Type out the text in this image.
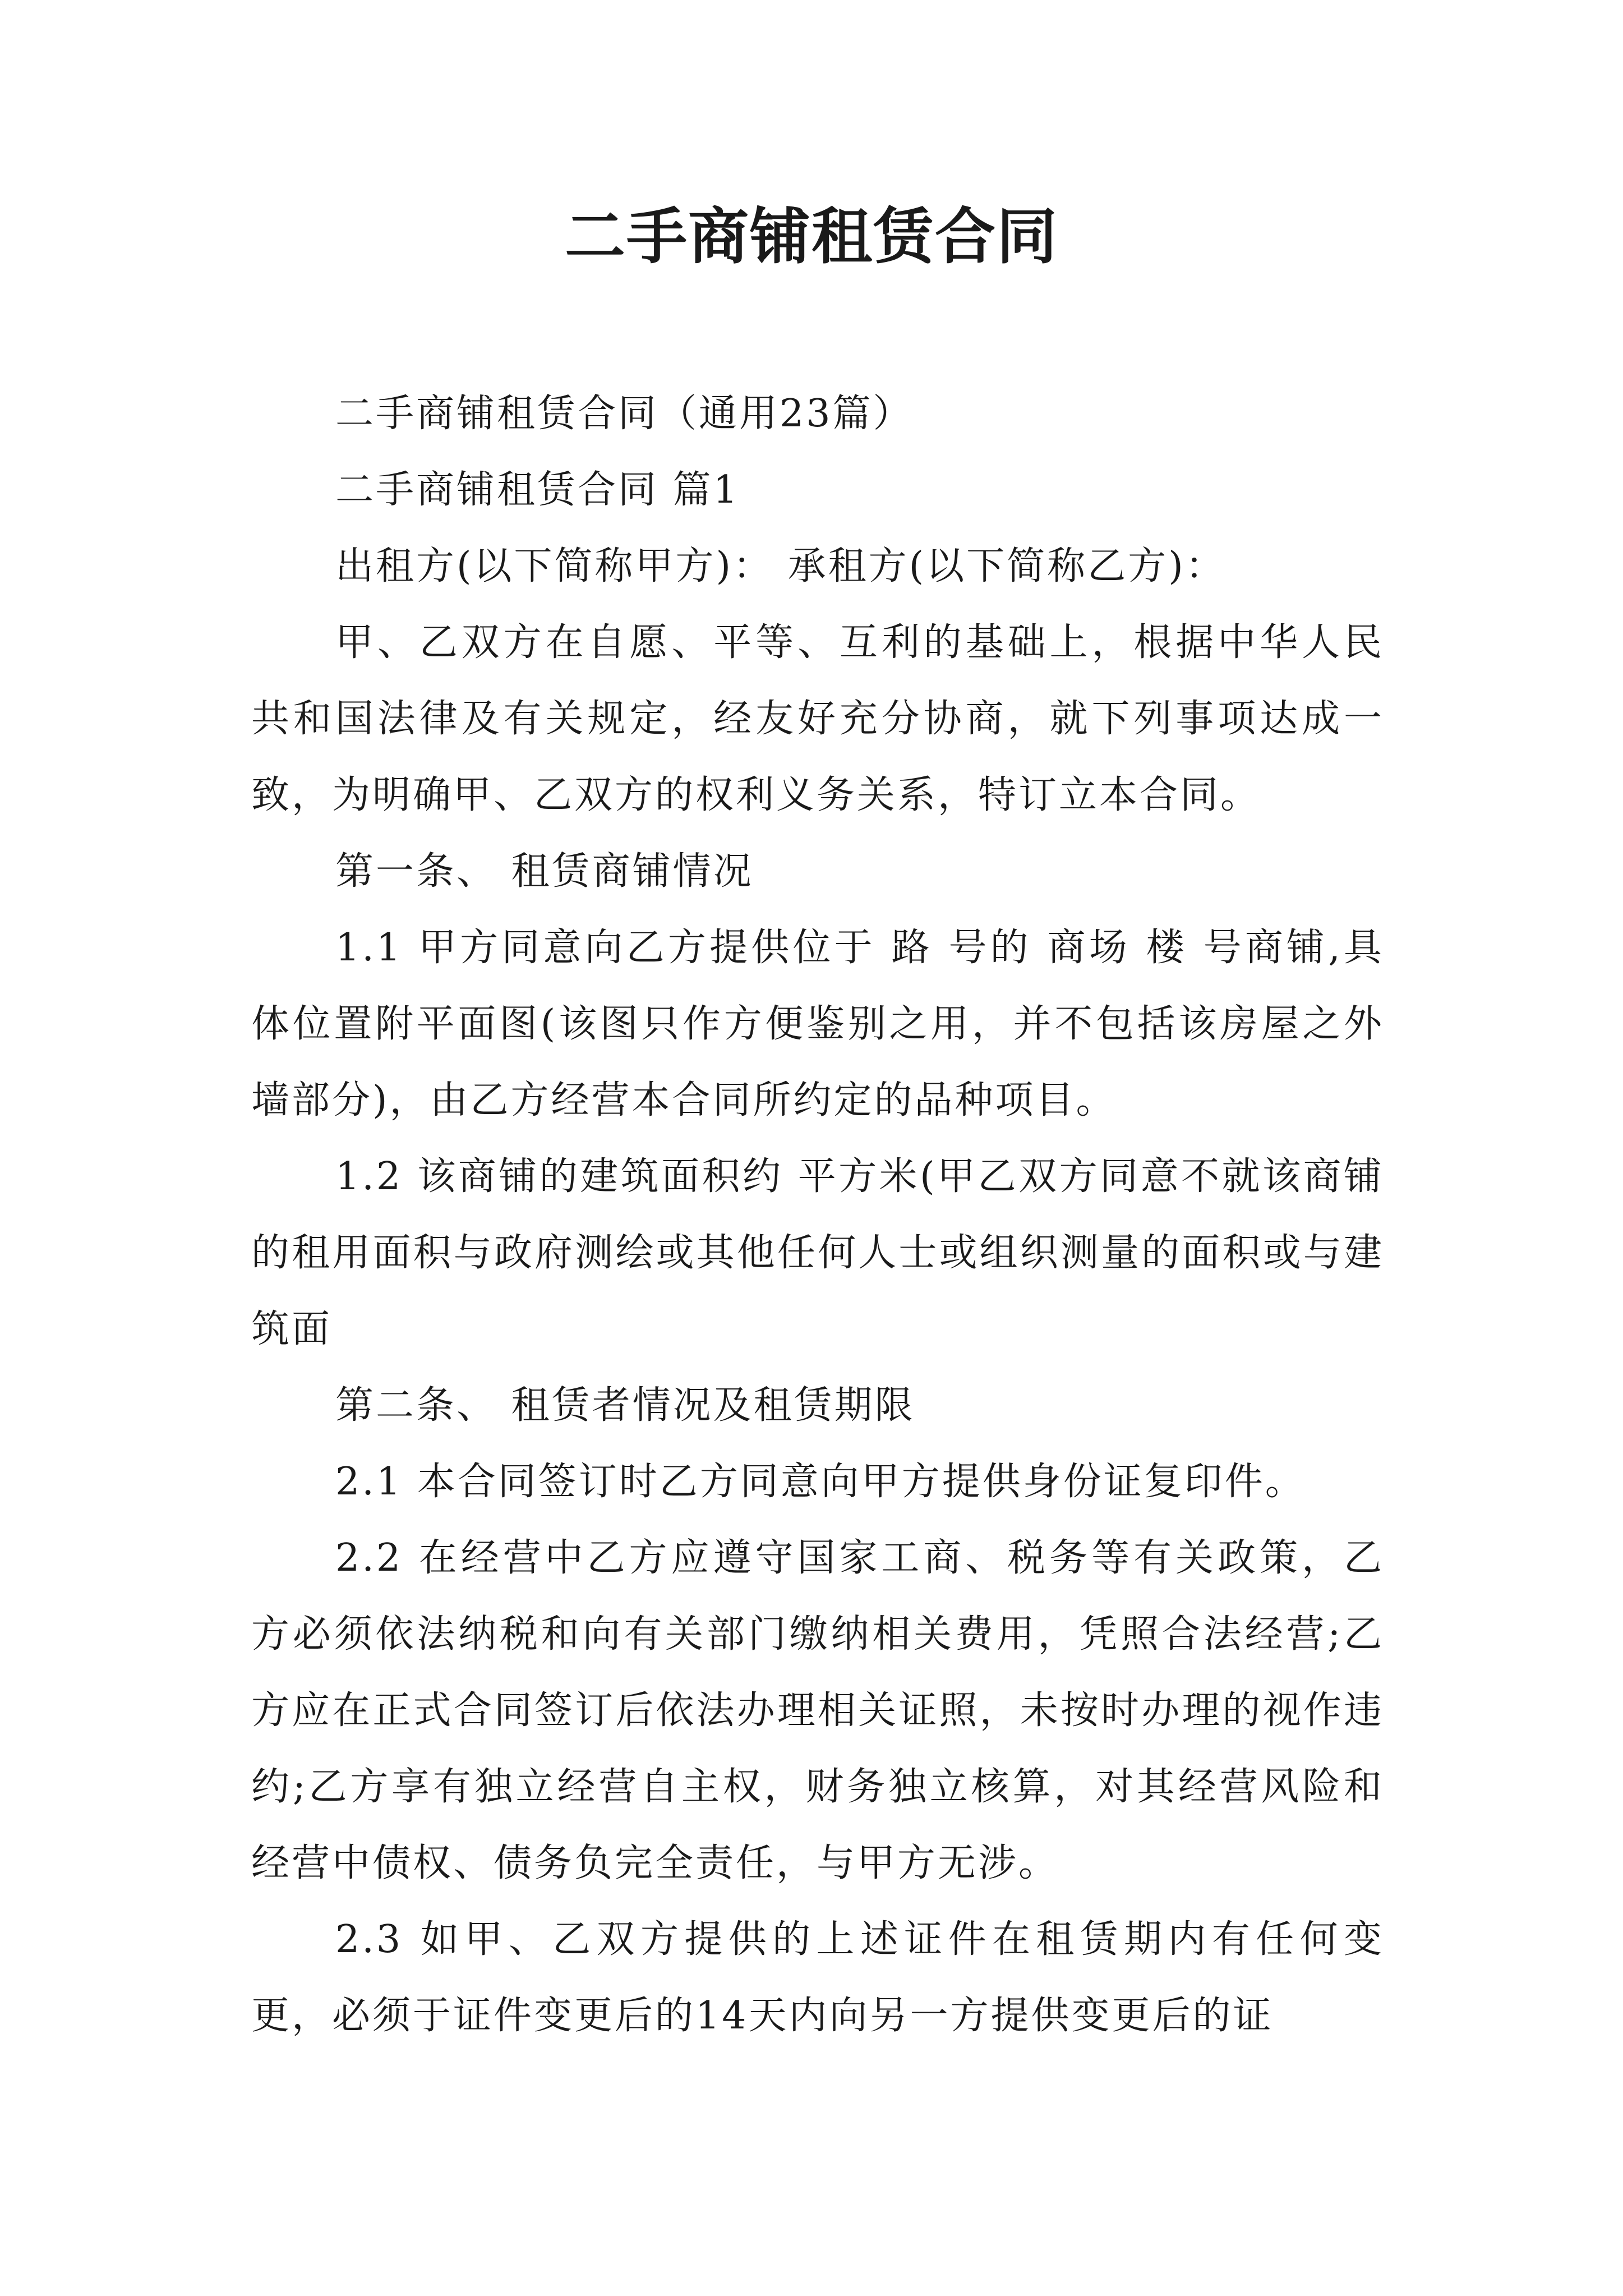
二手商铺租赁合同

二手商铺租赁合同（通用23篇）

二手商铺租赁合同 篇1

出租方(以下简称甲方)： 承租方(以下简称乙方)：

甲、乙双方在自愿、平等、互利的基础上，根据中华人民共和国法律及有关规定，经友好充分协商，就下列事项达成一致，为明确甲、乙双方的权利义务关系，特订立本合同。

第一条、 租赁商铺情况

1.1 甲方同意向乙方提供位于 路 号的 商场 楼 号商铺,具体位置附平面图(该图只作方便鉴别之用，并不包括该房屋之外墙部分)，由乙方经营本合同所约定的品种项目。

1.2 该商铺的建筑面积约 平方米(甲乙双方同意不就该商铺的租用面积与政府测绘或其他任何人士或组织测量的面积或与建筑面

第二条、 租赁者情况及租赁期限

2.1 本合同签订时乙方同意向甲方提供身份证复印件。

2.2 在经营中乙方应遵守国家工商、税务等有关政策，乙方必须依法纳税和向有关部门缴纳相关费用，凭照合法经营;乙方应在正式合同签订后依法办理相关证照，未按时办理的视作违约;乙方享有独立经营自主权，财务独立核算，对其经营风险和经营中债权、债务负完全责任，与甲方无涉。

2.3 如甲、乙双方提供的上述证件在租赁期内有任何变更，必须于证件变更后的14天内向另一方提供变更后的证
